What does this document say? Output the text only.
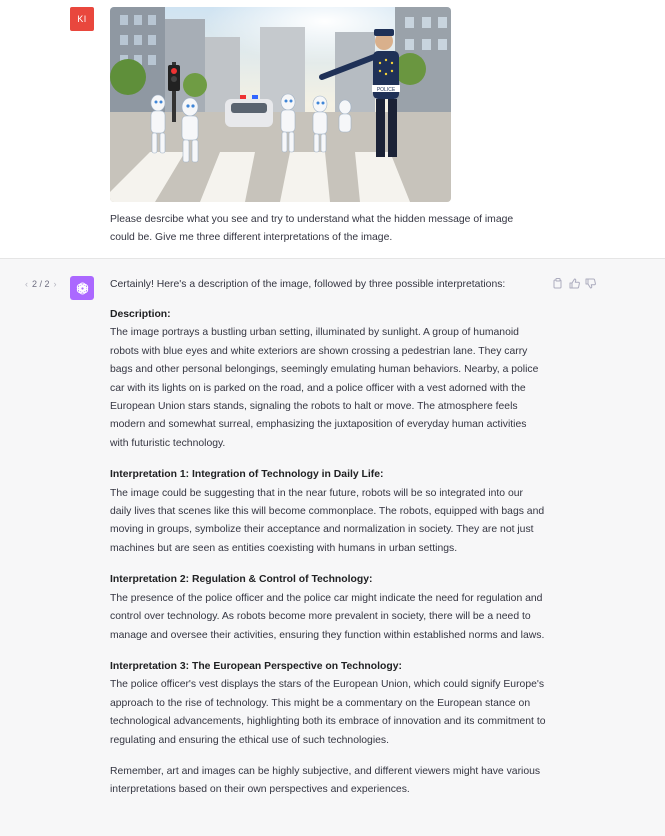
KI
POLICE

Please desrcibe what you see and try to understand what the hidden message of image could be. Give me three different interpretations of the image.

‹ 2 / 2 ›	Certainly! Here's a description of the image, followed by three possible interpretations:

Description:

The image portrays a bustling urban setting, illuminated by sunlight. A group of humanoid robots with blue eyes and white exteriors are shown crossing a pedestrian lane. They carry bags and other personal belongings, seemingly emulating human behaviors. Nearby, a police car with its lights on is parked on the road, and a police officer with a vest adorned with the European Union stars stands, signaling the robots to halt or move. The atmosphere feels modern and somewhat surreal, emphasizing the juxtaposition of everyday human activities with futuristic technology.

Interpretation 1: Integration of Technology in Daily Life:

The image could be suggesting that in the near future, robots will be so integrated into our daily lives that scenes like this will become commonplace. The robots, equipped with bags and moving in groups, symbolize their acceptance and normalization in society. They are not just machines but are seen as entities coexisting with humans in urban settings.

Interpretation 2: Regulation & Control of Technology:

The presence of the police officer and the police car might indicate the need for regulation and control over technology. As robots become more prevalent in society, there will be a need to manage and oversee their activities, ensuring they function within established norms and laws.

Interpretation 3: The European Perspective on Technology:

The police officer's vest displays the stars of the European Union, which could signify Europe's approach to the rise of technology. This might be a commentary on the European stance on technological advancements, highlighting both its embrace of innovation and its commitment to regulating and ensuring the ethical use of such technologies.

Remember, art and images can be highly subjective, and different viewers might have various interpretations based on their own perspectives and experiences.
